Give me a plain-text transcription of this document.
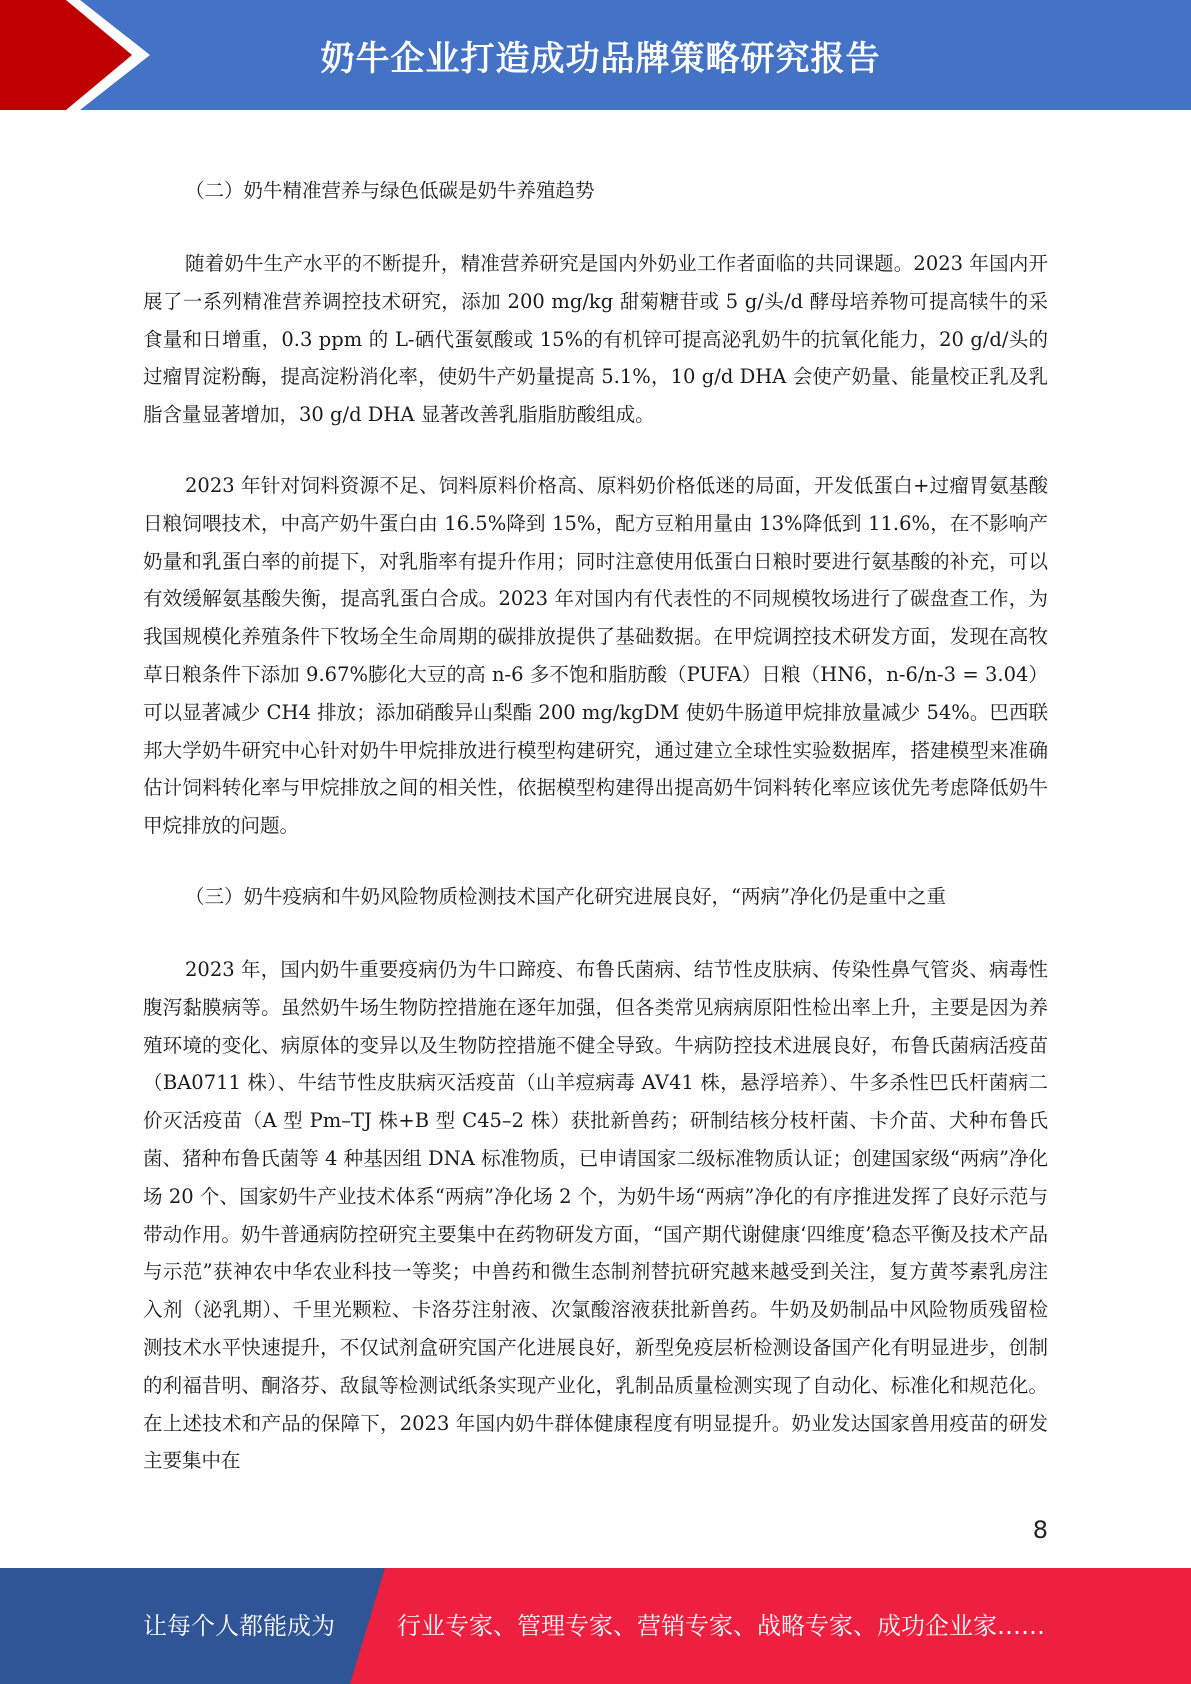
奶牛企业打造成功品牌策略研究报告

（二）奶牛精准营养与绿色低碳是奶牛养殖趋势

随着奶牛生产水平的不断提升，精准营养研究是国内外奶业工作者面临的共同课题。2023 年国内开展了一系列精准营养调控技术研究，添加 200 mg/kg 甜菊糖苷或 5 g/头/d 酵母培养物可提高犊牛的采食量和日增重，0.3 ppm 的 L-硒代蛋氨酸或 15%的有机锌可提高泌乳奶牛的抗氧化能力，20 g/d/头的过瘤胃淀粉酶，提高淀粉消化率，使奶牛产奶量提高 5.1%，10 g/d DHA 会使产奶量、能量校正乳及乳脂含量显著增加，30 g/d DHA 显著改善乳脂脂肪酸组成。

2023 年针对饲料资源不足、饲料原料价格高、原料奶价格低迷的局面，开发低蛋白+过瘤胃氨基酸日粮饲喂技术，中高产奶牛蛋白由 16.5%降到 15%，配方豆粕用量由 13%降低到 11.6%，在不影响产奶量和乳蛋白率的前提下，对乳脂率有提升作用；同时注意使用低蛋白日粮时要进行氨基酸的补充，可以有效缓解氨基酸失衡，提高乳蛋白合成。2023 年对国内有代表性的不同规模牧场进行了碳盘查工作，为我国规模化养殖条件下牧场全生命周期的碳排放提供了基础数据。在甲烷调控技术研发方面，发现在高牧草日粮条件下添加 9.67%膨化大豆的高 n-6 多不饱和脂肪酸（PUFA）日粮（HN6，n-6/n-3 = 3.04）可以显著减少 CH4 排放；添加硝酸异山梨酯 200 mg/kgDM 使奶牛肠道甲烷排放量减少 54%。巴西联邦大学奶牛研究中心针对奶牛甲烷排放进行模型构建研究，通过建立全球性实验数据库，搭建模型来准确估计饲料转化率与甲烷排放之间的相关性，依据模型构建得出提高奶牛饲料转化率应该优先考虑降低奶牛甲烷排放的问题。

（三）奶牛疫病和牛奶风险物质检测技术国产化研究进展良好，“两病”净化仍是重中之重

2023 年，国内奶牛重要疫病仍为牛口蹄疫、布鲁氏菌病、结节性皮肤病、传染性鼻气管炎、病毒性腹泻黏膜病等。虽然奶牛场生物防控措施在逐年加强，但各类常见病病原阳性检出率上升，主要是因为养殖环境的变化、病原体的变异以及生物防控措施不健全导致。牛病防控技术进展良好，布鲁氏菌病活疫苗（BA0711 株）、牛结节性皮肤病灭活疫苗（山羊痘病毒 AV41 株，悬浮培养）、牛多杀性巴氏杆菌病二价灭活疫苗（A 型 Pm–TJ 株+B 型 C45–2 株）获批新兽药；研制结核分枝杆菌、卡介苗、犬种布鲁氏菌、猪种布鲁氏菌等 4 种基因组 DNA 标准物质，已申请国家二级标准物质认证；创建国家级“两病”净化场 20 个、国家奶牛产业技术体系“两病”净化场 2 个，为奶牛场“两病”净化的有序推进发挥了良好示范与带动作用。奶牛普通病防控研究主要集中在药物研发方面，“国产期代谢健康‘四维度’稳态平衡及技术产品与示范”获神农中华农业科技一等奖；中兽药和微生态制剂替抗研究越来越受到关注，复方黄芩素乳房注入剂（泌乳期）、千里光颗粒、卡洛芬注射液、次氯酸溶液获批新兽药。牛奶及奶制品中风险物质残留检测技术水平快速提升，不仅试剂盒研究国产化进展良好，新型免疫层析检测设备国产化有明显进步，创制的利福昔明、酮洛芬、敌鼠等检测试纸条实现产业化，乳制品质量检测实现了自动化、标准化和规范化。在上述技术和产品的保障下，2023 年国内奶牛群体健康程度有明显提升。奶业发达国家兽用疫苗的研发主要集中在

8
让每个人都能成为	行业专家、管理专家、营销专家、战略专家、成功企业家……
